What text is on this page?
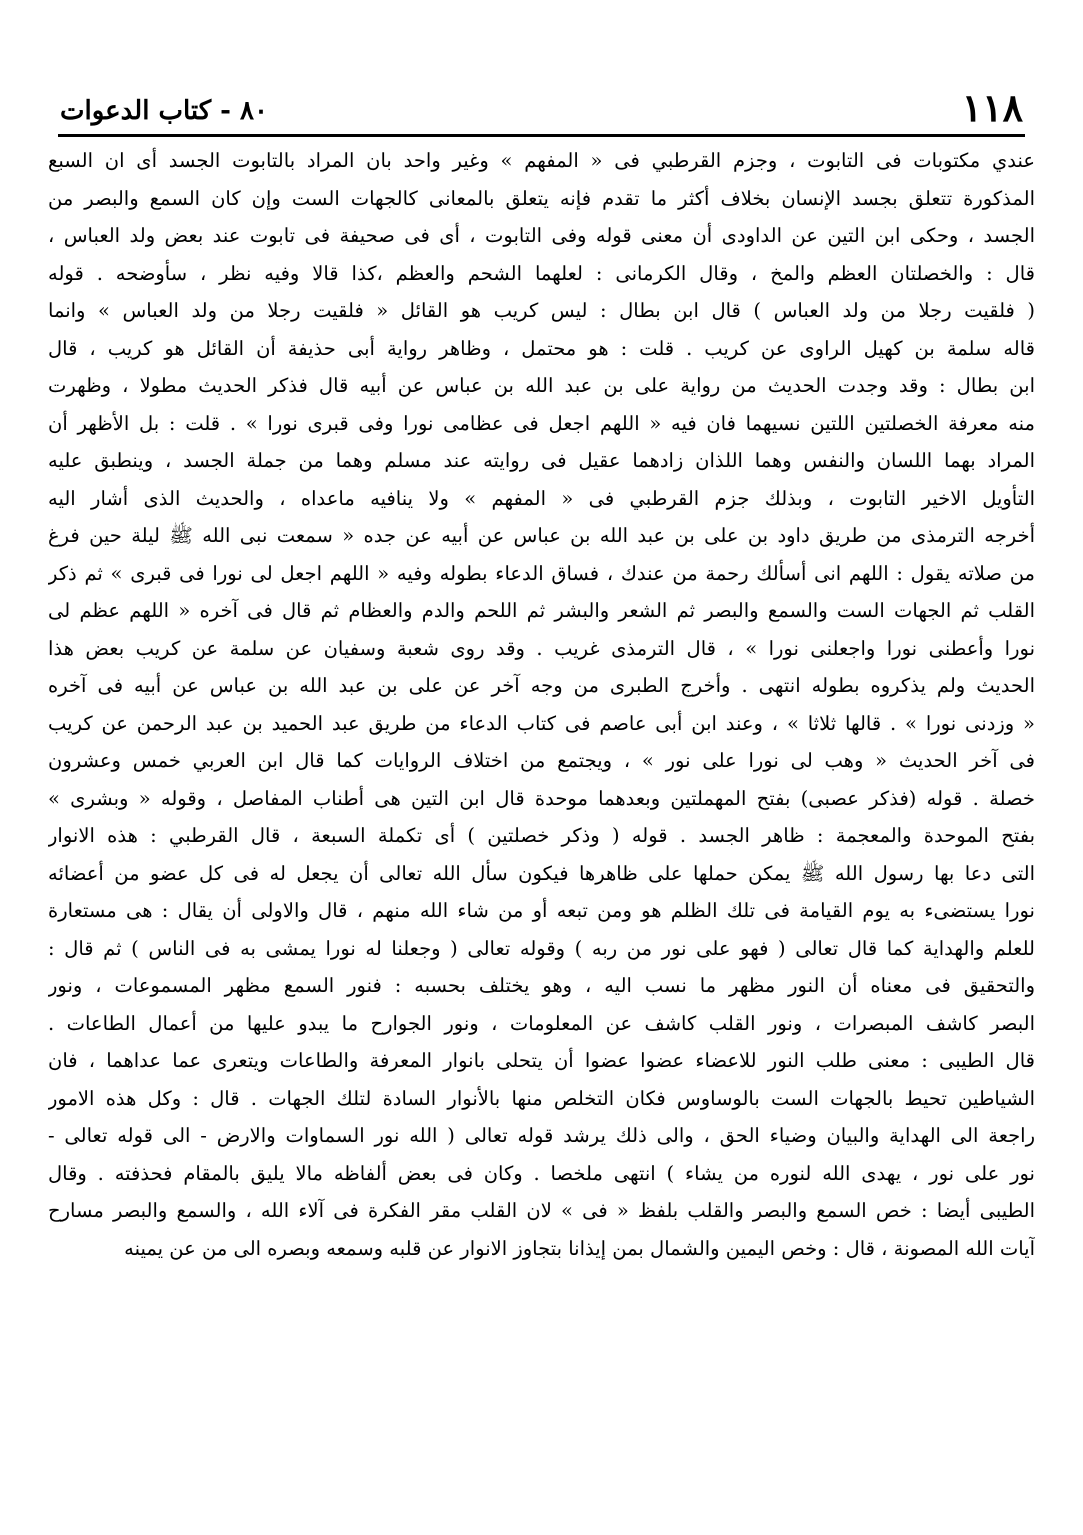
١١٨
٨٠ - كتاب الدعوات
عندي مكتوبات فى التابوت ، وجزم القرطبي فى « المفهم » وغير واحد بان المراد بالتابوت الجسد أى ان السبع
المذكورة تتعلق بجسد الإنسان بخلاف أكثر ما تقدم فإنه يتعلق بالمعانى كالجهات الست وإن كان السمع والبصر من
الجسد ، وحكى ابن التين عن الداودى أن معنى قوله وفى التابوت ، أى فى صحيفة فى تابوت عند بعض ولد العباس ،
قال : والخصلتان العظم والمخ ، وقال الكرمانى : لعلهما الشحم والعظم ،كذا قالا وفيه نظر ، سأوضحه . قوله
( فلقيت رجلا من ولد العباس ) قال ابن بطال : ليس كريب هو القائل « فلقيت رجلا من ولد العباس » وانما
قاله سلمة بن كهيل الراوى عن كريب . قلت : هو محتمل ، وظاهر رواية أبى حذيفة أن القائل هو كريب ، قال
ابن بطال : وقد وجدت الحديث من رواية على بن عبد الله بن عباس عن أبيه قال فذكر الحديث مطولا ، وظهرت
منه معرفة الخصلتين اللتين نسيهما فان فيه « اللهم اجعل فى عظامى نورا وفى قبرى نورا » . قلت : بل الأظهر أن
المراد بهما اللسان والنفس وهما اللذان زادهما عقيل فى روايته عند مسلم وهما من جملة الجسد ، وينطبق عليه
التأويل الاخير التابوت ، وبذلك جزم القرطبي فى « المفهم » ولا ينافيه ماعداه ، والحديث الذى أشار اليه
أخرجه الترمذى من طريق داود بن على بن عبد الله بن عباس عن أبيه عن جده « سمعت نبى الله ﷺ ليلة حين فرغ
من صلاته يقول : اللهم انى أسألك رحمة من عندك ، فساق الدعاء بطوله وفيه « اللهم اجعل لى نورا فى قبرى » ثم ذكر
القلب ثم الجهات الست والسمع والبصر ثم الشعر والبشر ثم اللحم والدم والعظام ثم قال فى آخره « اللهم عظم لى
نورا وأعطنى نورا واجعلنى نورا » ، قال الترمذى غريب . وقد روى شعبة وسفيان عن سلمة عن كريب بعض هذا
الحديث ولم يذكروه بطوله انتهى . وأخرج الطبرى من وجه آخر عن على بن عبد الله بن عباس عن أبيه فى آخره
« وزدنى نورا » . قالها ثلاثا » ، وعند ابن أبى عاصم فى كتاب الدعاء من طريق عبد الحميد بن عبد الرحمن عن كريب
فى آخر الحديث « وهب لى نورا على نور » ، ويجتمع من اختلاف الروايات كما قال ابن العربي خمس وعشرون
خصلة . قوله (فذكر عصبى) بفتح المهملتين وبعدهما موحدة قال ابن التين هى أطناب المفاصل ، وقوله « وبشرى »
بفتح الموحدة والمعجمة : ظاهر الجسد . قوله ( وذكر خصلتين ) أى تكملة السبعة ، قال القرطبي : هذه الانوار
التى دعا بها رسول الله ﷺ يمكن حملها على ظاهرها فيكون سأل الله تعالى أن يجعل له فى كل عضو من أعضائه
نورا يستضىء به يوم القيامة فى تلك الظلم هو ومن تبعه أو من شاء الله منهم ، قال والاولى أن يقال : هى مستعارة
للعلم والهداية كما قال تعالى ( فهو على نور من ربه ) وقوله تعالى ( وجعلنا له نورا يمشى به فى الناس ) ثم قال :
والتحقيق فى معناه أن النور مظهر ما نسب اليه ، وهو يختلف بحسبه : فنور السمع مظهر المسموعات ، ونور
البصر كاشف المبصرات ، ونور القلب كاشف عن المعلومات ، ونور الجوارح ما يبدو عليها من أعمال الطاعات .
قال الطيبى : معنى طلب النور للاعضاء عضوا عضوا أن يتحلى بانوار المعرفة والطاعات ويتعرى عما عداهما ، فان
الشياطين تحيط بالجهات الست بالوساوس فكان التخلص منها بالأنوار السادة لتلك الجهات . قال : وكل هذه الامور
راجعة الى الهداية والبيان وضياء الحق ، والى ذلك يرشد قوله تعالى ( الله نور السماوات والارض - الى قوله تعالى -
نور على نور ، يهدى الله لنوره من يشاء ) انتهى ملخصا . وكان فى بعض ألفاظه مالا يليق بالمقام فحذفته . وقال
الطيبى أيضا : خص السمع والبصر والقلب بلفظ « فى » لان القلب مقر الفكرة فى آلاء الله ، والسمع والبصر مسارح
آيات الله المصونة ، قال : وخص اليمين والشمال بمن إيذانا بتجاوز الانوار عن قلبه وسمعه وبصره الى من عن يمينه
